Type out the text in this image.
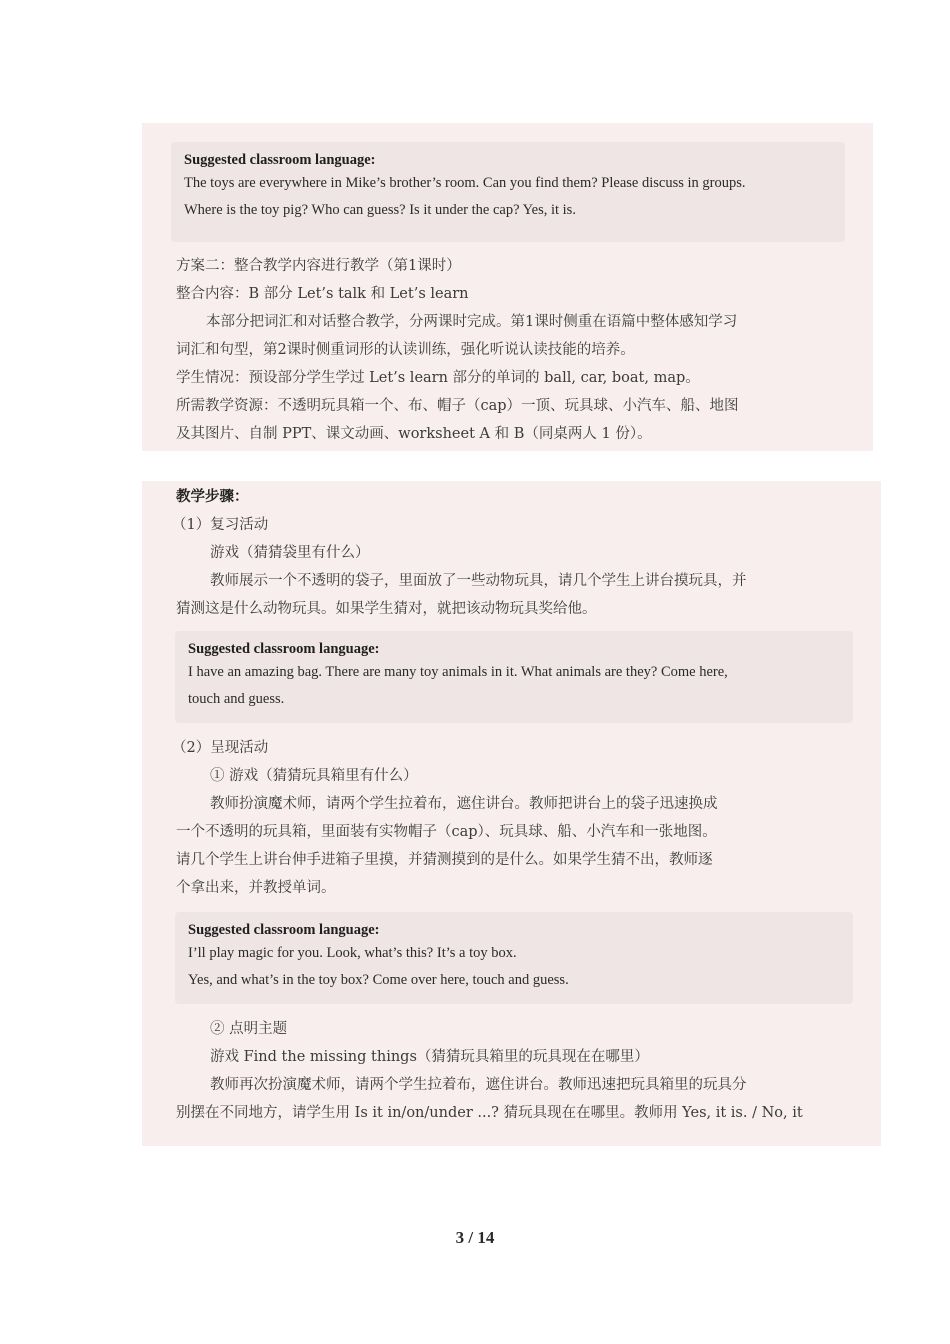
Suggested classroom language:
The toys are everywhere in Mike’s brother’s room. Can you find them? Please discuss in groups.
Where is the toy pig? Who can guess? Is it under the cap? Yes, it is.
方案二：整合教学内容进行教学（第1课时）
整合内容：B 部分 Let’s talk 和 Let’s learn
本部分把词汇和对话整合教学，分两课时完成。第1课时侧重在语篇中整体感知学习
词汇和句型，第2课时侧重词形的认读训练，强化听说认读技能的培养。
学生情况：预设部分学生学过 Let’s learn 部分的单词的 ball, car, boat, map。
所需教学资源：不透明玩具箱一个、布、帽子（cap）一顶、玩具球、小汽车、船、地图
及其图片、自制 PPT、课文动画、worksheet A 和 B（同桌两人 1 份）。
教学步骤：
（1）复习活动
游戏（猜猜袋里有什么）
教师展示一个不透明的袋子，里面放了一些动物玩具，请几个学生上讲台摸玩具，并
猜测这是什么动物玩具。如果学生猜对，就把该动物玩具奖给他。
Suggested classroom language:
I have an amazing bag. There are many toy animals in it. What animals are they? Come here,
touch and guess.
（2）呈现活动
① 游戏（猜猜玩具箱里有什么）
教师扮演魔术师，请两个学生拉着布，遮住讲台。教师把讲台上的袋子迅速换成
一个不透明的玩具箱，里面装有实物帽子（cap）、玩具球、船、小汽车和一张地图。
请几个学生上讲台伸手进箱子里摸，并猜测摸到的是什么。如果学生猜不出，教师逐
个拿出来，并教授单词。
Suggested classroom language:
I’ll play magic for you. Look, what’s this? It’s a toy box.
Yes, and what’s in the toy box? Come over here, touch and guess.
② 点明主题
游戏 Find the missing things（猜猜玩具箱里的玩具现在在哪里）
教师再次扮演魔术师，请两个学生拉着布，遮住讲台。教师迅速把玩具箱里的玩具分
别摆在不同地方，请学生用 Is it in/on/under ...? 猜玩具现在在哪里。教师用 Yes, it is. / No, it
3 / 14
